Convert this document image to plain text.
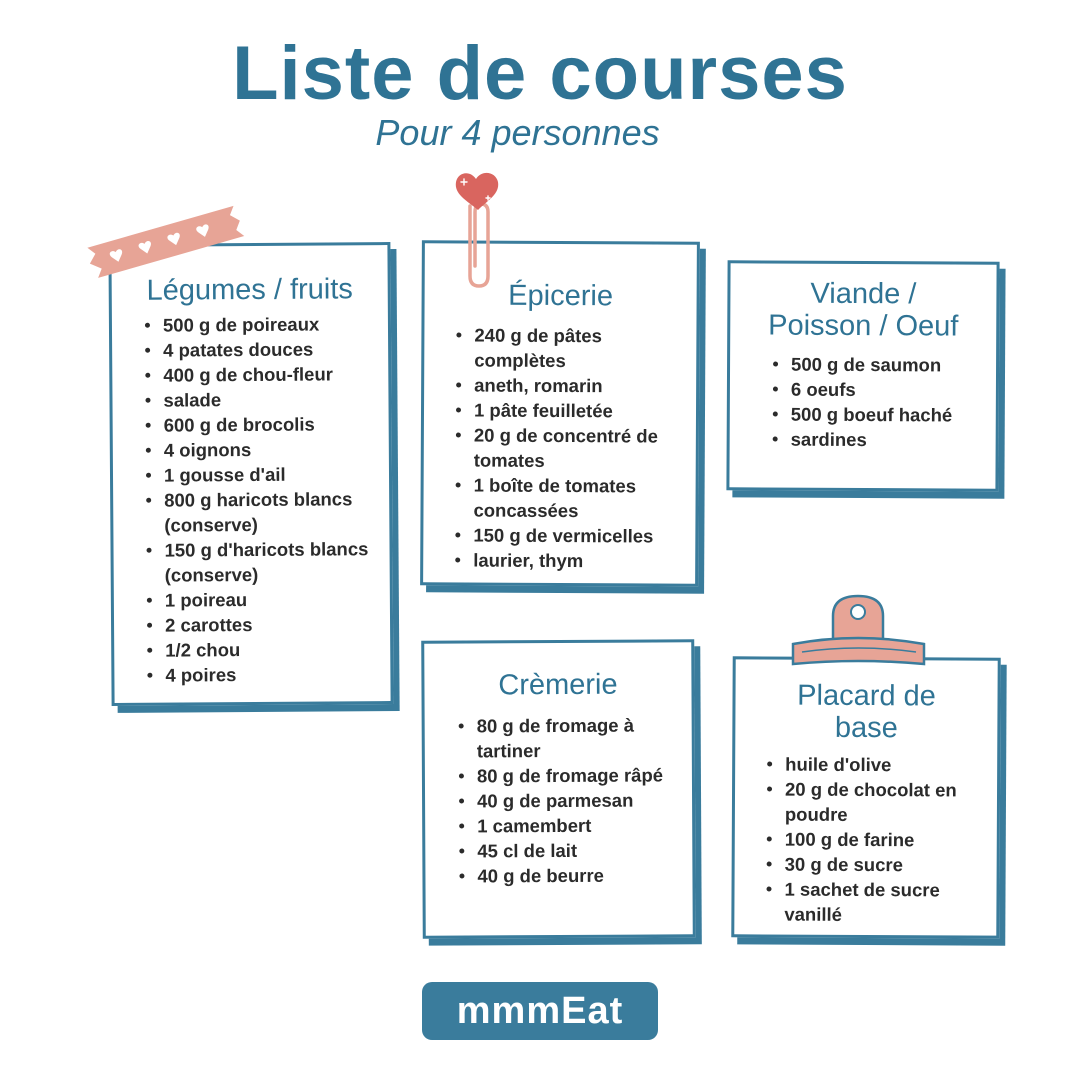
Liste de courses
Pour 4 personnes
Légumes / fruits
500 g de poireaux
4 patates douces
400 g de chou-fleur
salade
600 g de brocolis
4 oignons
1 gousse d'ail
800 g haricots blancs (conserve)
150 g d'haricots blancs (conserve)
1 poireau
2 carottes
1/2 chou
4 poires
Épicerie
240 g de pâtes complètes
aneth, romarin
1 pâte feuilletée
20 g de concentré de tomates
1 boîte de tomates concassées
150 g de vermicelles
laurier, thym
Viande / Poisson / Oeuf
500 g de saumon
6 oeufs
500 g boeuf haché
sardines
Crèmerie
80 g de fromage à tartiner
80 g de fromage râpé
40 g de parmesan
1 camembert
45 cl de lait
40 g de beurre
Placard de base
huile d'olive
20 g de chocolat en poudre
100 g de farine
30 g de sucre
1 sachet de sucre vanillé
mmmEat
